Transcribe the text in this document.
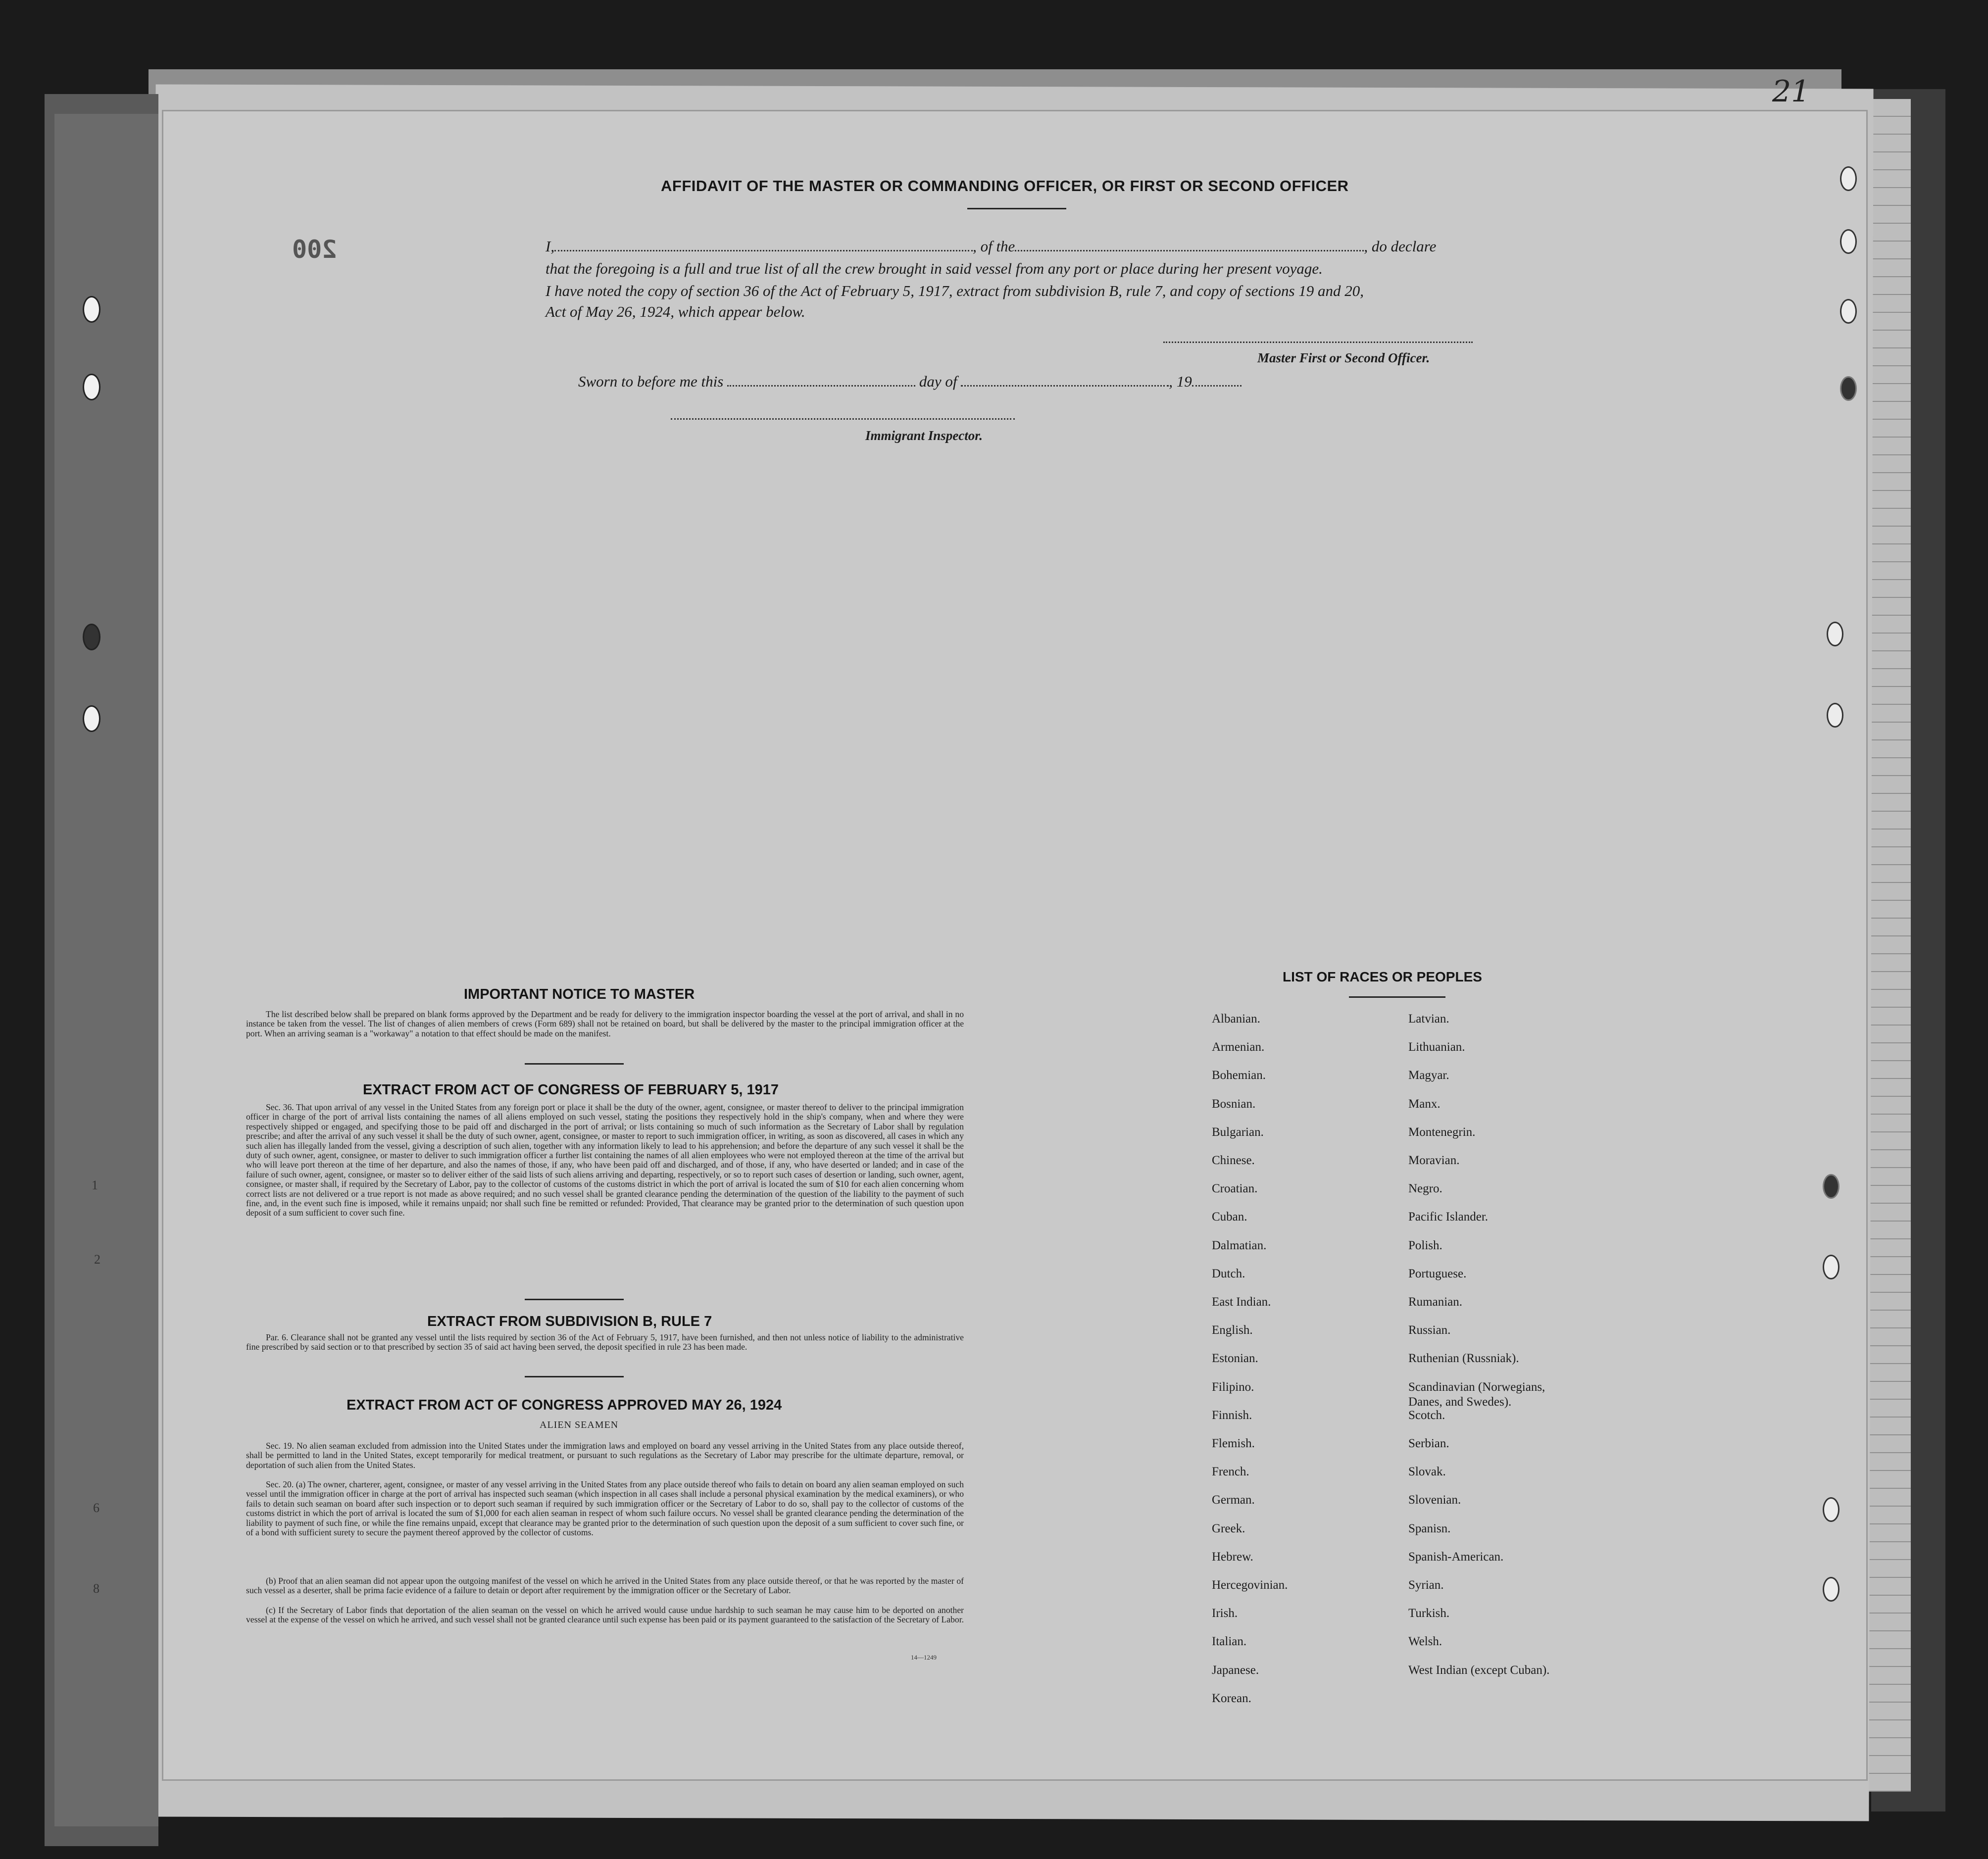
21
200
AFFIDAVIT OF THE MASTER OR COMMANDING OFFICER, OR FIRST OR SECOND OFFICER
I,	, of the	, do declare
that the foregoing is a full and true list of all the crew brought in said vessel from any port or place during her present voyage.
I have noted the copy of section 36 of the Act of February 5, 1917, extract from subdivision B, rule 7, and copy of sections 19 and 20,
Act of May 26, 1924, which appear below.
Master First or Second Officer.
Sworn to before me this	day of	, 19
Immigrant Inspector.
IMPORTANT NOTICE TO MASTER
The list described below shall be prepared on blank forms approved by the Department and be ready for delivery to the immigration inspector boarding the vessel at the port of arrival, and shall in no instance be taken from the vessel. The list of changes of alien members of crews (Form 689) shall not be retained on board, but shall be delivered by the master to the principal immigration officer at the port. When an arriving seaman is a "workaway" a notation to that effect should be made on the manifest.
EXTRACT FROM ACT OF CONGRESS OF FEBRUARY 5, 1917
Sec. 36. That upon arrival of any vessel in the United States from any foreign port or place it shall be the duty of the owner, agent, consignee, or master thereof to deliver to the principal immigration officer in charge of the port of arrival lists containing the names of all aliens employed on such vessel, stating the positions they respectively hold in the ship's company, when and where they were respectively shipped or engaged, and specifying those to be paid off and discharged in the port of arrival; or lists containing so much of such information as the Secretary of Labor shall by regulation prescribe; and after the arrival of any such vessel it shall be the duty of such owner, agent, consignee, or master to report to such immigration officer, in writing, as soon as discovered, all cases in which any such alien has illegally landed from the vessel, giving a description of such alien, together with any information likely to lead to his apprehension; and before the departure of any such vessel it shall be the duty of such owner, agent, consignee, or master to deliver to such immigration officer a further list containing the names of all alien employees who were not employed thereon at the time of the arrival but who will leave port thereon at the time of her departure, and also the names of those, if any, who have been paid off and discharged, and of those, if any, who have deserted or landed; and in case of the failure of such owner, agent, consignee, or master so to deliver either of the said lists of such aliens arriving and departing, respectively, or so to report such cases of desertion or landing, such owner, agent, consignee, or master shall, if required by the Secretary of Labor, pay to the collector of customs of the customs district in which the port of arrival is located the sum of $10 for each alien concerning whom correct lists are not delivered or a true report is not made as above required; and no such vessel shall be granted clearance pending the determination of the question of the liability to the payment of such fine, and, in the event such fine is imposed, while it remains unpaid; nor shall such fine be remitted or refunded: Provided, That clearance may be granted prior to the determination of such question upon deposit of a sum sufficient to cover such fine.
EXTRACT FROM SUBDIVISION B, RULE 7
Par. 6. Clearance shall not be granted any vessel until the lists required by section 36 of the Act of February 5, 1917, have been furnished, and then not unless notice of liability to the administrative fine prescribed by said section or to that prescribed by section 35 of said act having been served, the deposit specified in rule 23 has been made.
EXTRACT FROM ACT OF CONGRESS APPROVED MAY 26, 1924
ALIEN SEAMEN
Sec. 19. No alien seaman excluded from admission into the United States under the immigration laws and employed on board any vessel arriving in the United States from any place outside thereof, shall be permitted to land in the United States, except temporarily for medical treatment, or pursuant to such regulations as the Secretary of Labor may prescribe for the ultimate departure, removal, or deportation of such alien from the United States.
Sec. 20. (a) The owner, charterer, agent, consignee, or master of any vessel arriving in the United States from any place outside thereof who fails to detain on board any alien seaman employed on such vessel until the immigration officer in charge at the port of arrival has inspected such seaman (which inspection in all cases shall include a personal physical examination by the medical examiners), or who fails to detain such seaman on board after such inspection or to deport such seaman if required by such immigration officer or the Secretary of Labor to do so, shall pay to the collector of customs of the customs district in which the port of arrival is located the sum of $1,000 for each alien seaman in respect of whom such failure occurs. No vessel shall be granted clearance pending the determination of the liability to payment of such fine, or while the fine remains unpaid, except that clearance may be granted prior to the determination of such question upon the deposit of a sum sufficient to cover such fine, or of a bond with sufficient surety to secure the payment thereof approved by the collector of customs.
(b) Proof that an alien seaman did not appear upon the outgoing manifest of the vessel on which he arrived in the United States from any place outside thereof, or that he was reported by the master of such vessel as a deserter, shall be prima facie evidence of a failure to detain or deport after requirement by the immigration officer or the Secretary of Labor.
(c) If the Secretary of Labor finds that deportation of the alien seaman on the vessel on which he arrived would cause undue hardship to such seaman he may cause him to be deported on another vessel at the expense of the vessel on which he arrived, and such vessel shall not be granted clearance until such expense has been paid or its payment guaranteed to the satisfaction of the Secretary of Labor.
14—1249
LIST OF RACES OR PEOPLES
Albanian.
Armenian.
Bohemian.
Bosnian.
Bulgarian.
Chinese.
Croatian.
Cuban.
Dalmatian.
Dutch.
East Indian.
English.
Estonian.
Filipino.
Finnish.
Flemish.
French.
German.
Greek.
Hebrew.
Hercegovinian.
Irish.
Italian.
Japanese.
Korean.
Latvian.
Lithuanian.
Magyar.
Manx.
Montenegrin.
Moravian.
Negro.
Pacific Islander.
Polish.
Portuguese.
Rumanian.
Russian.
Ruthenian (Russniak).
Scandinavian (Norwegians,
Danes, and Swedes).
Scotch.
Serbian.
Slovak.
Slovenian.
Spanisn.
Spanish-American.
Syrian.
Turkish.
Welsh.
West Indian (except Cuban).
1
2
6
8
